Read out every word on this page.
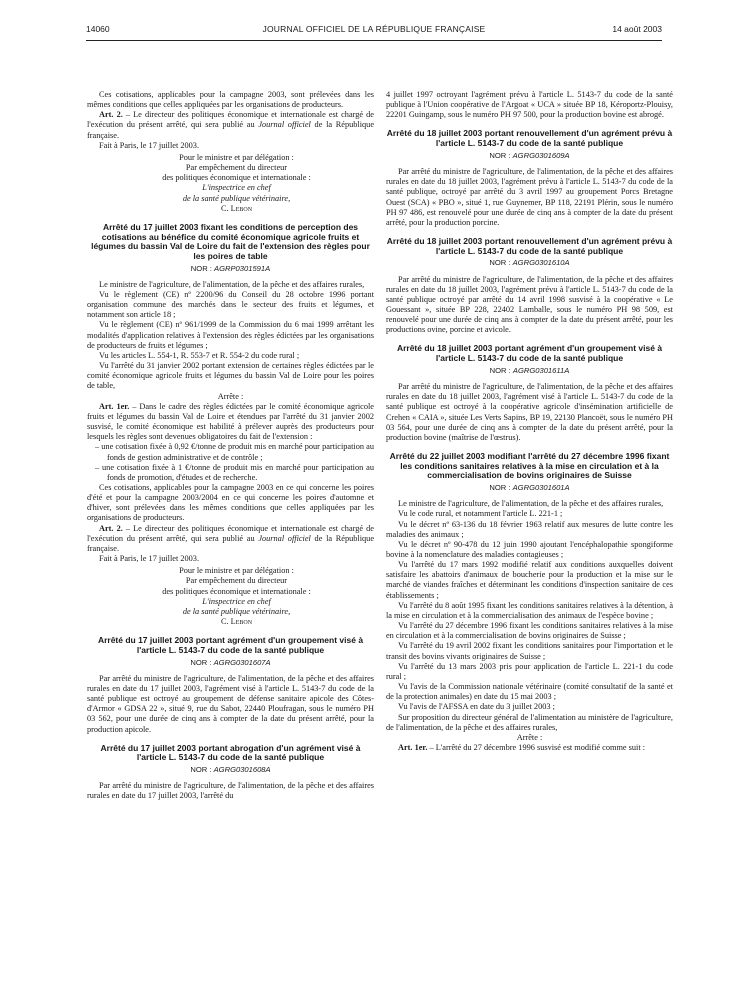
14060	JOURNAL OFFICIEL DE LA RÉPUBLIQUE FRANÇAISE	14 août 2003

Ces cotisations, applicables pour la campagne 2003, sont prélevées dans les mêmes conditions que celles appliquées par les organisations de producteurs.

Art. 2. – Le directeur des politiques économique et internationale est chargé de l'exécution du présent arrêté, qui sera publié au Journal officiel de la République française.

Fait à Paris, le 17 juillet 2003.

Pour le ministre et par délégation :

Par empêchement du directeur

des politiques économique et internationale :

L'inspectrice en chef

de la santé publique vétérinaire,

C. Lebon

Arrêté du 17 juillet 2003 fixant les conditions de perception des cotisations au bénéfice du comité économique agricole fruits et légumes du bassin Val de Loire du fait de l'extension des règles pour les poires de table
NOR : AGRP0301591A

Le ministre de l'agriculture, de l'alimentation, de la pêche et des affaires rurales,

Vu le règlement (CE) nº 2200/96 du Conseil du 28 octobre 1996 portant organisation commune des marchés dans le secteur des fruits et légumes, et notamment son article 18 ;

Vu le règlement (CE) nº 961/1999 de la Commission du 6 mai 1999 arrêtant les modalités d'application relatives à l'extension des règles édictées par les organisations de producteurs de fruits et légumes ;

Vu les articles L. 554-1, R. 553-7 et R. 554-2 du code rural ;

Vu l'arrêté du 31 janvier 2002 portant extension de certaines règles édictées par le comité économique agricole fruits et légumes du bassin Val de Loire pour les poires de table,

Arrête :

Art. 1er. – Dans le cadre des règles édictées par le comité économique agricole fruits et légumes du bassin Val de Loire et étendues par l'arrêté du 31 janvier 2002 susvisé, le comité économique est habilité à prélever auprès des producteurs pour lesquels les règles sont devenues obligatoires du fait de l'extension :

– une cotisation fixée à 0,92 €/tonne de produit mis en marché pour participation au fonds de gestion administrative et de contrôle ;

– une cotisation fixée à 1 €/tonne de produit mis en marché pour participation au fonds de promotion, d'études et de recherche.

Ces cotisations, applicables pour la campagne 2003 en ce qui concerne les poires d'été et pour la campagne 2003/2004 en ce qui concerne les poires d'automne et d'hiver, sont prélevées dans les mêmes conditions que celles appliquées par les organisations de producteurs.

Art. 2. – Le directeur des politiques économique et internationale est chargé de l'exécution du présent arrêté, qui sera publié au Journal officiel de la République française.

Fait à Paris, le 17 juillet 2003.

Pour le ministre et par délégation :

Par empêchement du directeur

des politiques économique et internationale :

L'inspectrice en chef

de la santé publique vétérinaire,

C. Lebon

Arrêté du 17 juillet 2003 portant agrément d'un groupement visé à l'article L. 5143-7 du code de la santé publique
NOR : AGRG0301607A

Par arrêté du ministre de l'agriculture, de l'alimentation, de la pêche et des affaires rurales en date du 17 juillet 2003, l'agrément visé à l'article L. 5143-7 du code de la santé publique est octroyé au groupement de défense sanitaire apicole des Côtes-d'Armor « GDSA 22 », situé 9, rue du Sabot, 22440 Ploufragan, sous le numéro PH 03 562, pour une durée de cinq ans à compter de la date du présent arrêté, pour la production apicole.

Arrêté du 17 juillet 2003 portant abrogation d'un agrément visé à l'article L. 5143-7 du code de la santé publique
NOR : AGRG0301608A

Par arrêté du ministre de l'agriculture, de l'alimentation, de la pêche et des affaires rurales en date du 17 juillet 2003, l'arrêté du

4 juillet 1997 octroyant l'agrément prévu à l'article L. 5143-7 du code de la santé publique à l'Union coopérative de l'Argoat « UCA » située BP 18, Kéroportz-Plouisy, 22201 Guingamp, sous le numéro PH 97 500, pour la production bovine est abrogé.

Arrêté du 18 juillet 2003 portant renouvellement d'un agrément prévu à l'article L. 5143-7 du code de la santé publique
NOR : AGRG0301609A

Par arrêté du ministre de l'agriculture, de l'alimentation, de la pêche et des affaires rurales en date du 18 juillet 2003, l'agrément prévu à l'article L. 5143-7 du code de la santé publique, octroyé par arrêté du 3 avril 1997 au groupement Porcs Bretagne Ouest (SCA) « PBO », situé 1, rue Guynemer, BP 118, 22191 Plérin, sous le numéro PH 97 486, est renouvelé pour une durée de cinq ans à compter de la date du présent arrêté, pour la production porcine.

Arrêté du 18 juillet 2003 portant renouvellement d'un agrément prévu à l'article L. 5143-7 du code de la santé publique
NOR : AGRG0301610A

Par arrêté du ministre de l'agriculture, de l'alimentation, de la pêche et des affaires rurales en date du 18 juillet 2003, l'agrément prévu à l'article L. 5143-7 du code de la santé publique octroyé par arrêté du 14 avril 1998 susvisé à la coopérative « Le Gouessant », située BP 228, 22402 Lamballe, sous le numéro PH 98 509, est renouvelé pour une durée de cinq ans à compter de la date du présent arrêté, pour les productions ovine, porcine et avicole.

Arrêté du 18 juillet 2003 portant agrément d'un groupement visé à l'article L. 5143-7 du code de la santé publique
NOR : AGRG0301611A

Par arrêté du ministre de l'agriculture, de l'alimentation, de la pêche et des affaires rurales en date du 18 juillet 2003, l'agrément visé à l'article L. 5143-7 du code de la santé publique est octroyé à la coopérative agricole d'insémination artificielle de Crehen « CAIA », située Les Verts Sapins, BP 19, 22130 Plancoët, sous le numéro PH 03 564, pour une durée de cinq ans à compter de la date du présent arrêté, pour la production bovine (maîtrise de l'œstrus).

Arrêté du 22 juillet 2003 modifiant l'arrêté du 27 décembre 1996 fixant les conditions sanitaires relatives à la mise en circulation et à la commercialisation de bovins originaires de Suisse
NOR : AGRG0301601A

Le ministre de l'agriculture, de l'alimentation, de la pêche et des affaires rurales,

Vu le code rural, et notamment l'article L. 221-1 ;

Vu le décret nº 63-136 du 18 février 1963 relatif aux mesures de lutte contre les maladies des animaux ;

Vu le décret nº 90-478 du 12 juin 1990 ajoutant l'encéphalopathie spongiforme bovine à la nomenclature des maladies contagieuses ;

Vu l'arrêté du 17 mars 1992 modifié relatif aux conditions auxquelles doivent satisfaire les abattoirs d'animaux de boucherie pour la production et la mise sur le marché de viandes fraîches et déterminant les conditions d'inspection sanitaire de ces établissements ;

Vu l'arrêté du 8 août 1995 fixant les conditions sanitaires relatives à la détention, à la mise en circulation et à la commercialisation des animaux de l'espèce bovine ;

Vu l'arrêté du 27 décembre 1996 fixant les conditions sanitaires relatives à la mise en circulation et à la commercialisation de bovins originaires de Suisse ;

Vu l'arrêté du 19 avril 2002 fixant les conditions sanitaires pour l'importation et le transit des bovins vivants originaires de Suisse ;

Vu l'arrêté du 13 mars 2003 pris pour application de l'article L. 221-1 du code rural ;

Vu l'avis de la Commission nationale vétérinaire (comité consultatif de la santé et de la protection animales) en date du 15 mai 2003 ;

Vu l'avis de l'AFSSA en date du 3 juillet 2003 ;

Sur proposition du directeur général de l'alimentation au ministère de l'agriculture, de l'alimentation, de la pêche et des affaires rurales,

Arrête :

Art. 1er. – L'arrêté du 27 décembre 1996 susvisé est modifié comme suit :
